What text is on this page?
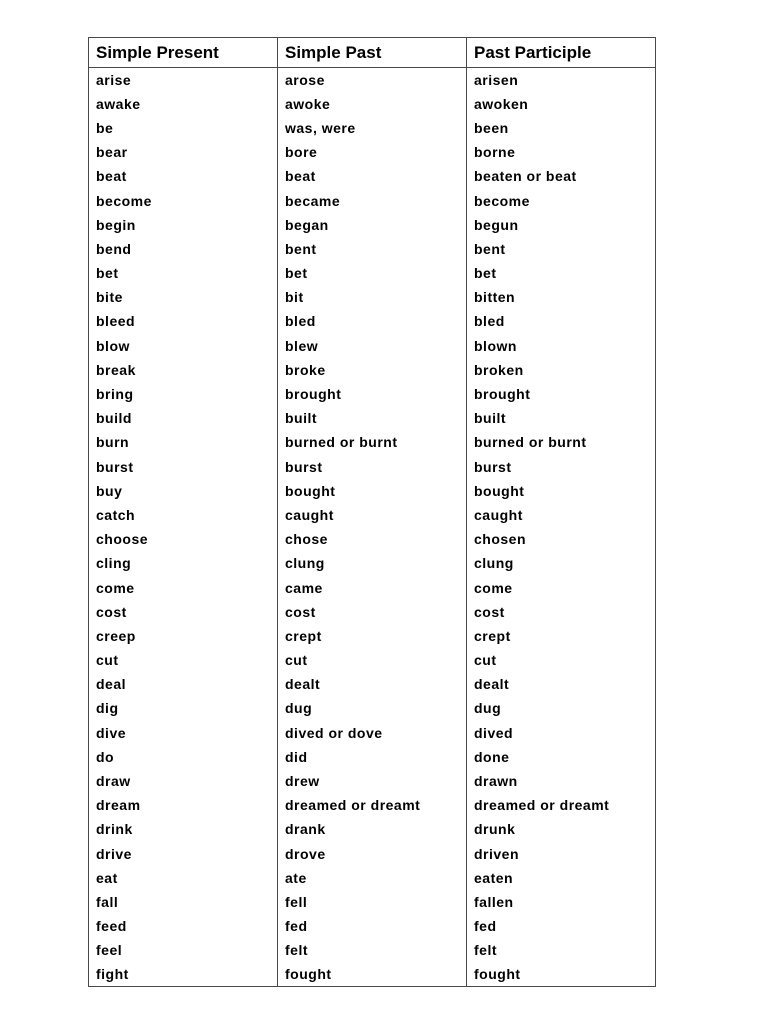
Simple Present	Simple Past	Past Participle
arise	arose	arisen
awake	awoke	awoken
be	was, were	been
bear	bore	borne
beat	beat	beaten or beat
become	became	become
begin	began	begun
bend	bent	bent
bet	bet	bet
bite	bit	bitten
bleed	bled	bled
blow	blew	blown
break	broke	broken
bring	brought	brought
build	built	built
burn	burned or burnt	burned or burnt
burst	burst	burst
buy	bought	bought
catch	caught	caught
choose	chose	chosen
cling	clung	clung
come	came	come
cost	cost	cost
creep	crept	crept
cut	cut	cut
deal	dealt	dealt
dig	dug	dug
dive	dived or dove	dived
do	did	done
draw	drew	drawn
dream	dreamed or dreamt	dreamed or dreamt
drink	drank	drunk
drive	drove	driven
eat	ate	eaten
fall	fell	fallen
feed	fed	fed
feel	felt	felt
fight	fought	fought
